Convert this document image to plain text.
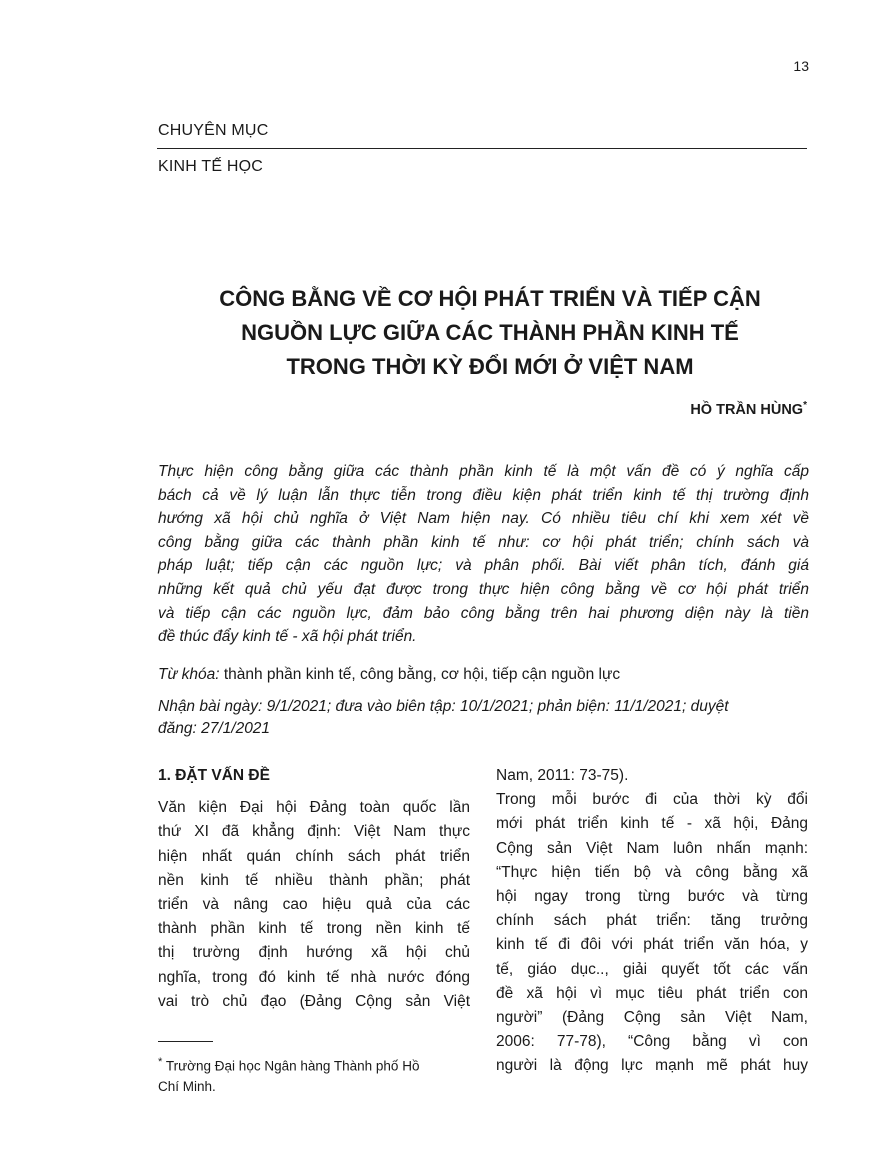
13
CHUYÊN MỤC
KINH TẾ HỌC
CÔNG BẰNG VỀ CƠ HỘI PHÁT TRIỂN VÀ TIẾP CẬN
NGUỒN LỰC GIỮA CÁC THÀNH PHẦN KINH TẾ
TRONG THỜI KỲ ĐỔI MỚI Ở VIỆT NAM
HỒ TRẦN HÙNG*
Thực hiện công bằng giữa các thành phần kinh tế là một vấn đề có ý nghĩa cấp
bách cả về lý luận lẫn thực tiễn trong điều kiện phát triển kinh tế thị trường định
hướng xã hội chủ nghĩa ở Việt Nam hiện nay. Có nhiều tiêu chí khi xem xét về
công bằng giữa các thành phần kinh tế như: cơ hội phát triển; chính sách và
pháp luật; tiếp cận các nguồn lực; và phân phối. Bài viết phân tích, đánh giá
những kết quả chủ yếu đạt được trong thực hiện công bằng về cơ hội phát triển
và tiếp cận các nguồn lực, đảm bảo công bằng trên hai phương diện này là tiền
đề thúc đẩy kinh tế - xã hội phát triển.
Từ khóa: thành phần kinh tế, công bằng, cơ hội, tiếp cận nguồn lực
Nhận bài ngày: 9/1/2021; đưa vào biên tập: 10/1/2021; phản biện: 11/1/2021; duyệt
đăng: 27/1/2021
1. ĐẶT VẤN ĐỀ
Văn kiện Đại hội Đảng toàn quốc lần
thứ XI đã khẳng định: Việt Nam thực
hiện nhất quán chính sách phát triển
nền kinh tế nhiều thành phần; phát
triển và nâng cao hiệu quả của các
thành phần kinh tế trong nền kinh tế
thị trường định hướng xã hội chủ
nghĩa, trong đó kinh tế nhà nước đóng
vai trò chủ đạo (Đảng Cộng sản Việt
Nam, 2011: 73-75).
Trong mỗi bước đi của thời kỳ đổi
mới phát triển kinh tế - xã hội, Đảng
Cộng sản Việt Nam luôn nhấn mạnh:
“Thực hiện tiến bộ và công bằng xã
hội ngay trong từng bước và từng
chính sách phát triển: tăng trưởng
kinh tế đi đôi với phát triển văn hóa, y
tế, giáo dục.., giải quyết tốt các vấn
đề xã hội vì mục tiêu phát triển con
người” (Đảng Cộng sản Việt Nam,
2006: 77-78), “Công bằng vì con
người là động lực mạnh mẽ phát huy
* Trường Đại học Ngân hàng Thành phố Hồ
Chí Minh.
